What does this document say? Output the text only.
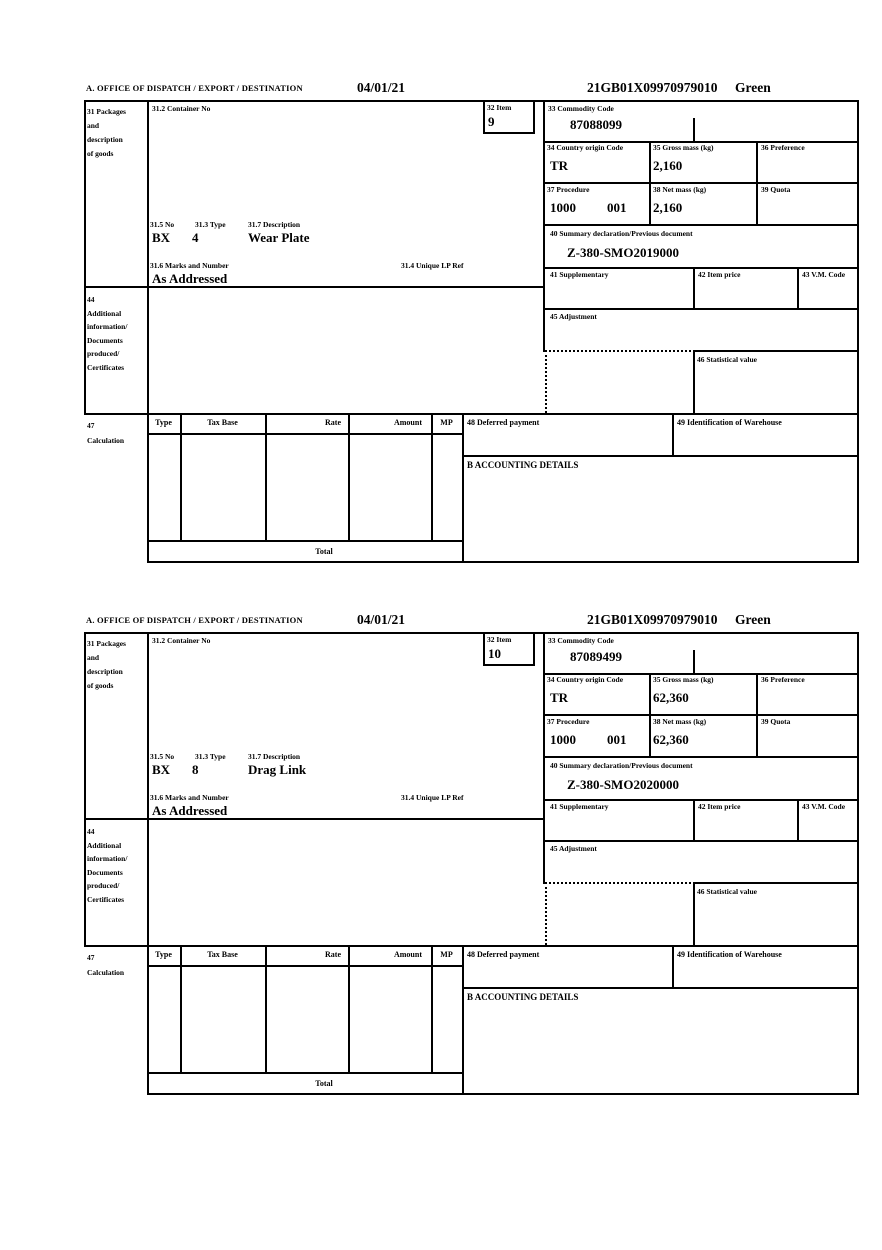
A. OFFICE OF DISPATCH / EXPORT / DESTINATION	04/01/21	21GB01X09970979010 Green
31 Packages
and
description
of goods
31.2 Container No	32 Item
9
33 Commodity Code
87088099
34 Country origin Code
TR
35 Gross mass (kg)
2,160
36 Preference
37 Procedure
1000 001
38 Net mass (kg)
2,160
39 Quota
40 Summary declaration/Previous document
Z-380-SMO2019000
41 Supplementary	42 Item price	43 V.M. Code
45 Adjustment
46 Statistical value
31.5 No	31.3 Type	31.7 Description
BX 4	Wear Plate
31.6 Marks and Number	31.4 Unique LP Ref
As Addressed
44
Additional
information/
Documents
produced/
Certificates
47
Calculation
Type	Tax Base	Rate	Amount	MP
Total
48 Deferred payment	49 Identification of Warehouse
B ACCOUNTING DETAILS
A. OFFICE OF DISPATCH / EXPORT / DESTINATION	04/01/21	21GB01X09970979010 Green
31 Packages
and
description
of goods
31.2 Container No	32 Item
10
33 Commodity Code
87089499
34 Country origin Code
TR
35 Gross mass (kg)
62,360
36 Preference
37 Procedure
1000 001
38 Net mass (kg)
62,360
39 Quota
40 Summary declaration/Previous document
Z-380-SMO2020000
41 Supplementary	42 Item price	43 V.M. Code
45 Adjustment
46 Statistical value
31.5 No	31.3 Type	31.7 Description
BX 8	Drag Link
31.6 Marks and Number	31.4 Unique LP Ref
As Addressed
44
Additional
information/
Documents
produced/
Certificates
47
Calculation
Type	Tax Base	Rate	Amount	MP
Total
48 Deferred payment	49 Identification of Warehouse
B ACCOUNTING DETAILS
